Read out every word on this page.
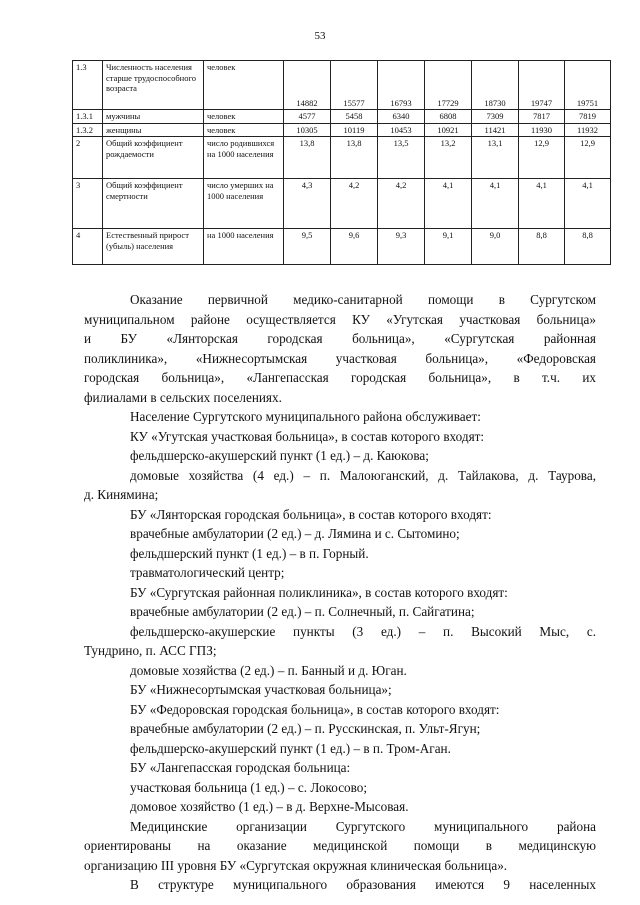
53
1.3	Численность населения старше трудоспособного возраста	человек	14882	15577	16793	17729	18730	19747	19751
1.3.1	мужчины	человек	4577	5458	6340	6808	7309	7817	7819
1.3.2	женщины	человек	10305	10119	10453	10921	11421	11930	11932
2	Общий коэффициент рождаемости	число родившихся на 1000 населения	13,8	13,8	13,5	13,2	13,1	12,9	12,9
3	Общий коэффициент смертности	число умерших на 1000 населения	4,3	4,2	4,2	4,1	4,1	4,1	4,1
4	Естественный прирост (убыль) населения	на 1000 населения	9,5	9,6	9,3	9,1	9,0	8,8	8,8

Оказание первичной медико-санитарной помощи в Сургутском

муниципальном районе осуществляется КУ «Угутская участковая больница»

и БУ «Лянторская городская больница», «Сургутская районная

поликлиника», «Нижнесортымская участковая больница», «Федоровская

городская больница», «Лангепасская городская больница», в т.ч. их

филиалами в сельских поселениях.

Население Сургутского муниципального района обслуживает:

КУ «Угутская участковая больница», в состав которого входят:

фельдшерско-акушерский пункт (1 ед.) – д. Каюкова;

домовые хозяйства (4 ед.) – п. Малоюганский, д. Тайлакова, д. Таурова,

д. Кинямина;

БУ «Лянторская городская больница», в состав которого входят:

врачебные амбулатории (2 ед.) – д. Лямина и с. Сытомино;

фельдшерский пункт (1 ед.) – в п. Горный.

травматологический центр;

БУ «Сургутская районная поликлиника», в состав которого входят:

врачебные амбулатории (2 ед.) – п. Солнечный, п. Сайгатина;

фельдшерско-акушерские пункты (3 ед.) – п. Высокий Мыс, с.

Тундрино, п. АСС ГПЗ;

домовые хозяйства (2 ед.) – п. Банный и д. Юган.

БУ «Нижнесортымская участковая больница»;

БУ «Федоровская городская больница», в состав которого входят:

врачебные амбулатории (2 ед.) – п. Русскинская, п. Ульт-Ягун;

фельдшерско-акушерский пункт (1 ед.) – в п. Тром-Аган.

БУ «Лангепасская городская больница:

участковая больница (1 ед.) – с. Локосово;

домовое хозяйство (1 ед.) – в д. Верхне-Мысовая.

Медицинские организации Сургутского муниципального района

ориентированы на оказание медицинской помощи в медицинскую

организацию III уровня БУ «Сургутская окружная клиническая больница».

В структуре муниципального образования имеются 9 населенных
